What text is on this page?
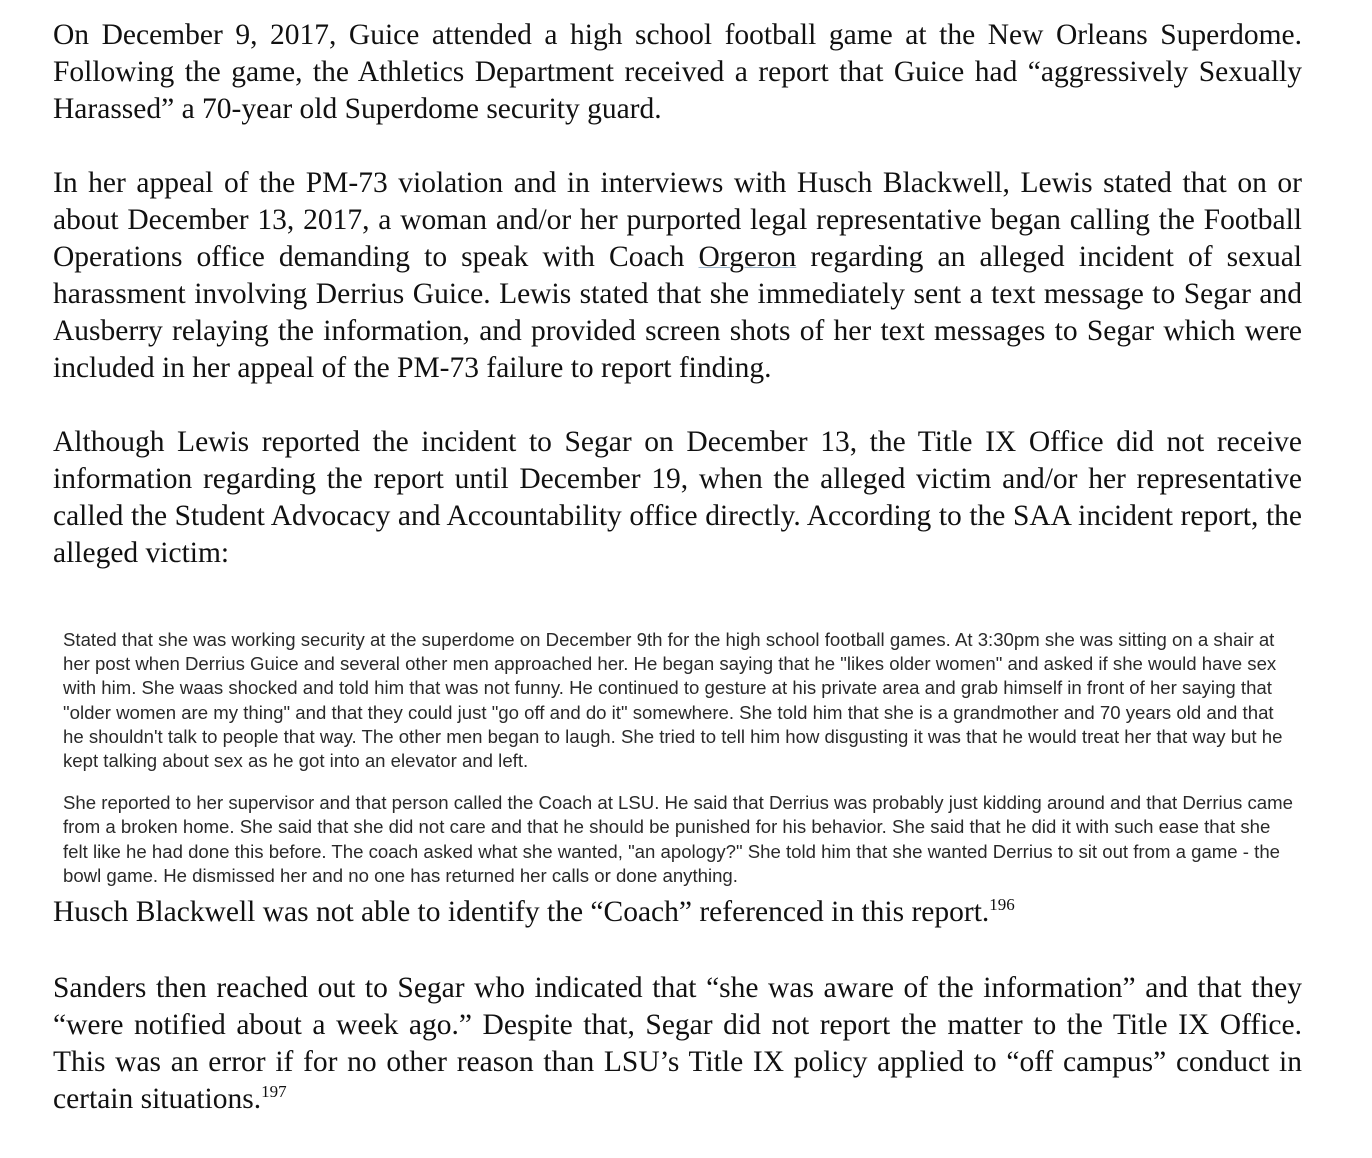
On December 9, 2017, Guice attended a high school football game at the New Orleans Superdome. Following the game, the Athletics Department received a report that Guice had “aggressively Sexually Harassed” a 70-year old Superdome security guard.

In her appeal of the PM-73 violation and in interviews with Husch Blackwell, Lewis stated that on or about December 13, 2017, a woman and/or her purported legal representative began calling the Football Operations office demanding to speak with Coach Orgeron regarding an alleged incident of sexual harassment involving Derrius Guice. Lewis stated that she immediately sent a text message to Segar and Ausberry relaying the information, and provided screen shots of her text messages to Segar which were included in her appeal of the PM-73 failure to report finding.

Although Lewis reported the incident to Segar on December 13, the Title IX Office did not receive information regarding the report until December 19, when the alleged victim and/or her representative called the Student Advocacy and Accountability office directly. According to the SAA incident report, the alleged victim:

Stated that she was working security at the superdome on December 9th for the high school football games. At 3:30pm she was sitting on a shair at her post when Derrius Guice and several other men approached her. He began saying that he "likes older women" and asked if she would have sex with him. She waas shocked and told him that was not funny. He continued to gesture at his private area and grab himself in front of her saying that "older women are my thing" and that they could just "go off and do it" somewhere. She told him that she is a grandmother and 70 years old and that he shouldn't talk to people that way. The other men began to laugh. She tried to tell him how disgusting it was that he would treat her that way but he kept talking about sex as he got into an elevator and left.

She reported to her supervisor and that person called the Coach at LSU. He said that Derrius was probably just kidding around and that Derrius came from a broken home. She said that she did not care and that he should be punished for his behavior. She said that he did it with such ease that she felt like he had done this before. The coach asked what she wanted, "an apology?" She told him that she wanted Derrius to sit out from a game - the bowl game. He dismissed her and no one has returned her calls or done anything.

Husch Blackwell was not able to identify the “Coach” referenced in this report.$^{196}$

Sanders then reached out to Segar who indicated that “she was aware of the information” and that they “were notified about a week ago.” Despite that, Segar did not report the matter to the Title IX Office. This was an error if for no other reason than LSU’s Title IX policy applied to “off campus” conduct in certain situations.$^{197}$
